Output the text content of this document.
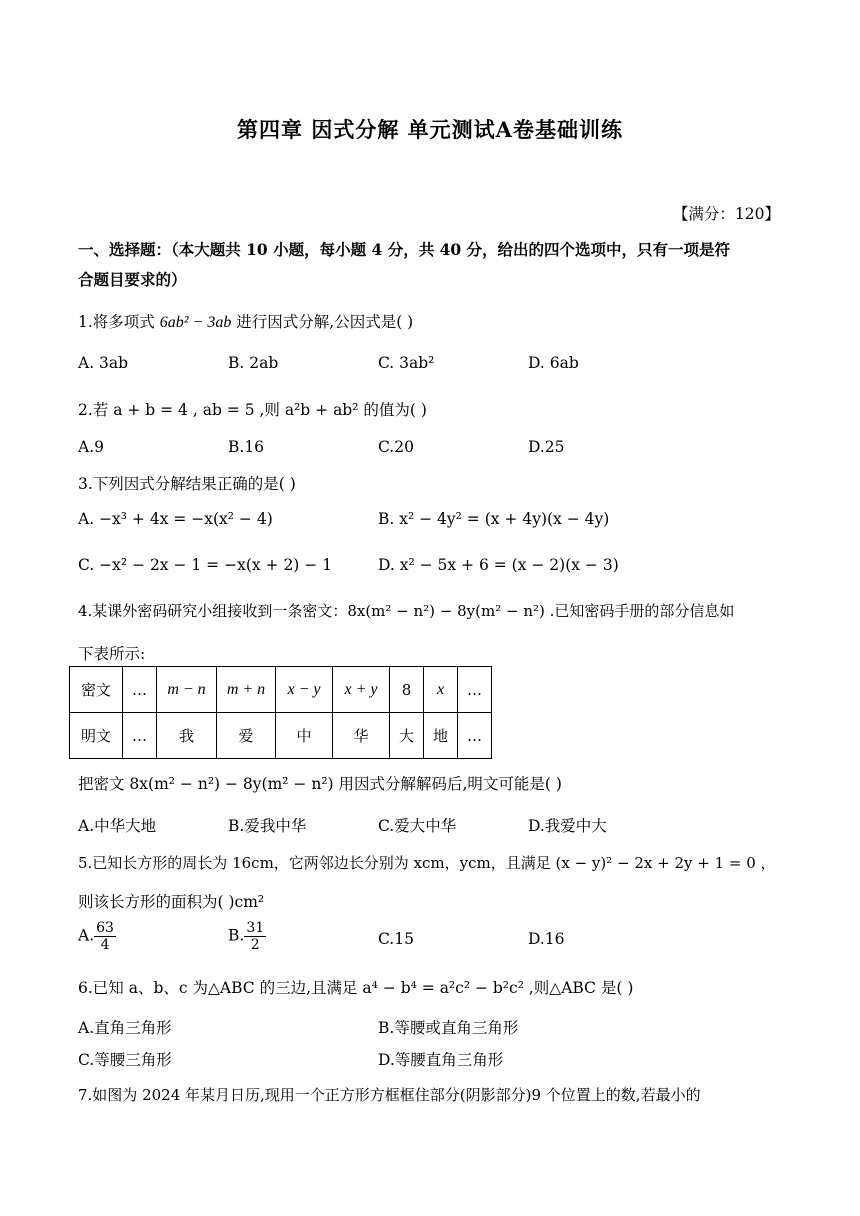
第四章 因式分解 单元测试A卷基础训练
【满分：120】
一、选择题：（本大题共 10 小题，每小题 4 分，共 40 分，给出的四个选项中，只有一项是符
合题目要求的）
1.将多项式 6ab² − 3ab 进行因式分解,公因式是( )
A. 3ab	B. 2ab	C. 3ab²	D. 6ab
2.若 a + b = 4 , ab = 5 ,则 a²b + ab² 的值为( )
A.9	B.16	C.20	D.25
3.下列因式分解结果正确的是( )
A. −x³ + 4x = −x(x² − 4)	B. x² − 4y² = (x + 4y)(x − 4y)
C. −x² − 2x − 1 = −x(x + 2) − 1	D. x² − 5x + 6 = (x − 2)(x − 3)
4.某课外密码研究小组接收到一条密文：8x(m² − n²) − 8y(m² − n²) .已知密码手册的部分信息如
下表所示:
密文	…	m − n	m + n	x − y	x + y	8	x	…
明文	…	我	爱	中	华	大	地	…
把密文 8x(m² − n²) − 8y(m² − n²) 用因式分解解码后,明文可能是( )
A.中华大地	B.爱我中华	C.爱大中华	D.我爱中大
5.已知长方形的周长为 16cm，它两邻边长分别为 xcm，ycm，且满足 (x − y)² − 2x + 2y + 1 = 0 ，
则该长方形的面积为( )cm²
A. $\frac{63}{4}$	B. $\frac{31}{2}$	C.15	D.16
6.已知 a、b、c 为△ABC 的三边,且满足 a⁴ − b⁴ = a²c² − b²c² ,则△ABC 是( )
A.直角三角形	B.等腰或直角三角形
C.等腰三角形	D.等腰直角三角形
7.如图为 2024 年某月日历,现用一个正方形方框框住部分(阴影部分)9 个位置上的数,若最小的
